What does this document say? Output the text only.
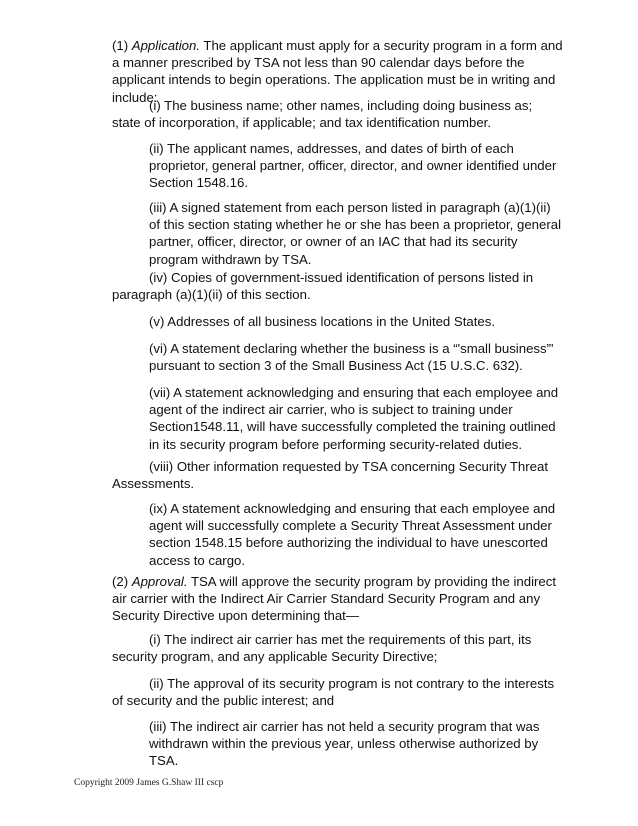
(1) Application. The applicant must apply for a security program in a form and a manner prescribed by TSA not less than 90 calendar days before the applicant intends to begin operations. The application must be in writing and include:

(i) The business name; other names, including doing business as; state of incorporation, if applicable; and tax identification number.

(ii) The applicant names, addresses, and dates of birth of each proprietor, general partner, officer, director, and owner identified under Section 1548.16.

(iii) A signed statement from each person listed in paragraph (a)(1)(ii) of this section stating whether he or she has been a proprietor, general partner, officer, director, or owner of an IAC that had its security program withdrawn by TSA.

(iv) Copies of government-issued identification of persons listed in paragraph (a)(1)(ii) of this section.

(v) Addresses of all business locations in the United States.

(vi) A statement declaring whether the business is a “'small business”' pursuant to section 3 of the Small Business Act (15 U.S.C. 632).

(vii) A statement acknowledging and ensuring that each employee and agent of the indirect air carrier, who is subject to training under Section1548.11, will have successfully completed the training outlined in its security program before performing security-related duties.

(viii) Other information requested by TSA concerning Security Threat Assessments.

(ix) A statement acknowledging and ensuring that each employee and agent will successfully complete a Security Threat Assessment under section 1548.15 before authorizing the individual to have unescorted access to cargo.

(2) Approval. TSA will approve the security program by providing the indirect air carrier with the Indirect Air Carrier Standard Security Program and any Security Directive upon determining that—

(i) The indirect air carrier has met the requirements of this part, its security program, and any applicable Security Directive;

(ii) The approval of its security program is not contrary to the interests of security and the public interest; and

(iii) The indirect air carrier has not held a security program that was withdrawn within the previous year, unless otherwise authorized by TSA.

Copyright 2009 James G.Shaw III cscp
